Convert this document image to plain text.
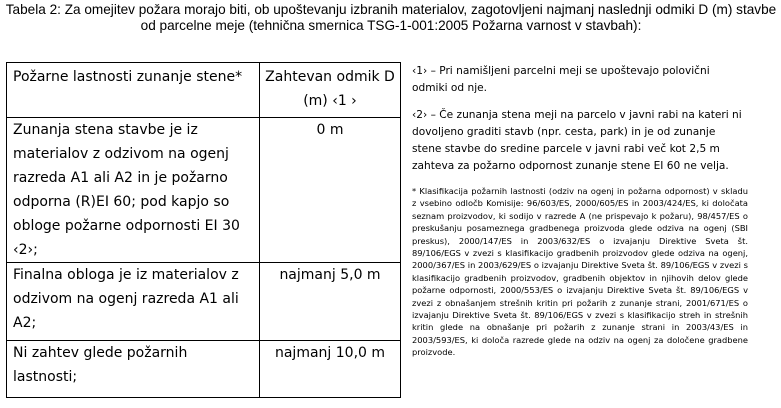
Tabela 2: Za omejitev požara morajo biti, ob upoštevanju izbranih materialov, zagotovljeni najmanj naslednji odmiki D (m) stavbe od parcelne meje (tehnična smernica TSG-1-001:2005 Požarna varnost v stavbah):

Požarne lastnosti zunanje stene*	Zahtevan odmik D (m) ‹1 ›
Zunanja stena stavbe je iz materialov z odzivom na ogenj razreda A1 ali A2 in je požarno odporna (R)EI 60; pod kapjo so obloge požarne odpornosti EI 30 ‹2›;	0 m
Finalna obloga je iz materialov z odzivom na ogenj razreda A1 ali A2;	najmanj 5,0 m
Ni zahtev glede požarnih lastnosti;	najmanj 10,0 m

‹1› – Pri namišljeni parcelni meji se upoštevajo polovični odmiki od nje.

‹2› – Če zunanja stena meji na parcelo v javni rabi na kateri ni dovoljeno graditi stavb (npr. cesta, park) in je od zunanje stene stavbe do sredine parcele v javni rabi več kot 2,5 m zahteva za požarno odpornost zunanje stene EI 60 ne velja.

* Klasifikacija požarnih lastnosti (odziv na ogenj in požarna odpornost) v skladu z vsebino odločb Komisije: 96/603/ES, 2000/605/ES in 2003/424/ES, ki določata seznam proizvodov, ki sodijo v razrede A (ne prispevajo k požaru), 98/457/ES o preskušanju posameznega gradbenega proizvoda glede odziva na ogenj (SBI preskus), 2000/147/ES in 2003/632/ES o izvajanju Direktive Sveta št. 89/106/EGS v zvezi s klasifikacijo gradbenih proizvodov glede odziva na ogenj, 2000/367/ES in 2003/629/ES o izvajanju Direktive Sveta št. 89/106/EGS v zvezi s klasifikacijo gradbenih proizvodov, gradbenih objektov in njihovih delov glede požarne odpornosti, 2000/553/ES o izvajanju Direktive Sveta št. 89/106/EGS v zvezi z obnašanjem strešnih kritin pri požarih z zunanje strani, 2001/671/ES o izvajanju Direktive Sveta št. 89/106/EGS v zvezi s klasifikacijo streh in strešnih kritin glede na obnašanje pri požarih z zunanje strani in 2003/43/ES in 2003/593/ES, ki določa razrede glede na odziv na ogenj za določene gradbene proizvode.
